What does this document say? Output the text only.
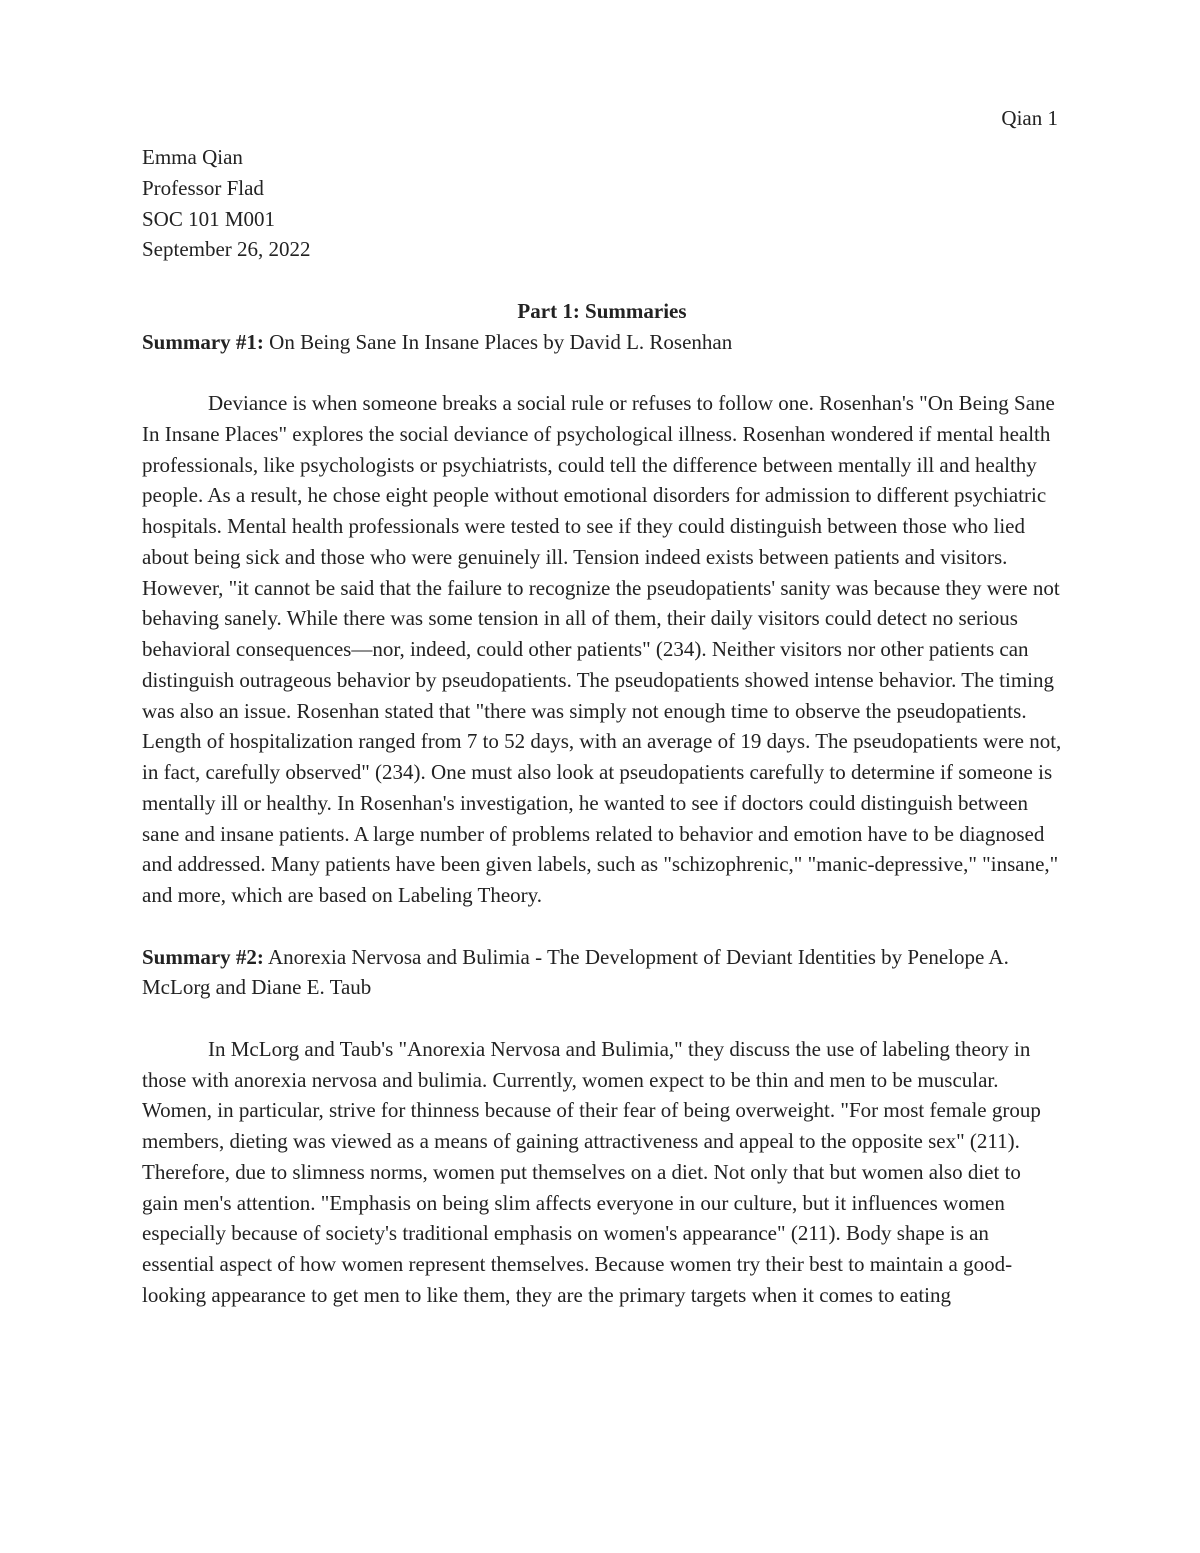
Qian 1

Emma Qian

Professor Flad

SOC 101 M001

September 26, 2022

Part 1: Summaries

Summary #1: On Being Sane In Insane Places by David L. Rosenhan

Deviance is when someone breaks a social rule or refuses to follow one. Rosenhan's "On Being Sane In Insane Places" explores the social deviance of psychological illness. Rosenhan wondered if mental health professionals, like psychologists or psychiatrists, could tell the difference between mentally ill and healthy people. As a result, he chose eight people without emotional disorders for admission to different psychiatric hospitals. Mental health professionals were tested to see if they could distinguish between those who lied about being sick and those who were genuinely ill. Tension indeed exists between patients and visitors. However, "it cannot be said that the failure to recognize the pseudopatients' sanity was because they were not behaving sanely. While there was some tension in all of them, their daily visitors could detect no serious behavioral consequences—nor, indeed, could other patients" (234). Neither visitors nor other patients can distinguish outrageous behavior by pseudopatients. The pseudopatients showed intense behavior. The timing was also an issue. Rosenhan stated that "there was simply not enough time to observe the pseudopatients. Length of hospitalization ranged from 7 to 52 days, with an average of 19 days. The pseudopatients were not, in fact, carefully observed" (234). One must also look at pseudopatients carefully to determine if someone is mentally ill or healthy. In Rosenhan's investigation, he wanted to see if doctors could distinguish between sane and insane patients. A large number of problems related to behavior and emotion have to be diagnosed and addressed. Many patients have been given labels, such as "schizophrenic," "manic-depressive," "insane," and more, which are based on Labeling Theory.

Summary #2: Anorexia Nervosa and Bulimia - The Development of Deviant Identities by Penelope A. McLorg and Diane E. Taub

In McLorg and Taub's "Anorexia Nervosa and Bulimia," they discuss the use of labeling theory in those with anorexia nervosa and bulimia. Currently, women expect to be thin and men to be muscular. Women, in particular, strive for thinness because of their fear of being overweight. "For most female group members, dieting was viewed as a means of gaining attractiveness and appeal to the opposite sex" (211). Therefore, due to slimness norms, women put themselves on a diet. Not only that but women also diet to gain men's attention. "Emphasis on being slim affects everyone in our culture, but it influences women especially because of society's traditional emphasis on women's appearance" (211). Body shape is an essential aspect of how women represent themselves. Because women try their best to maintain a good-looking appearance to get men to like them, they are the primary targets when it comes to eating
